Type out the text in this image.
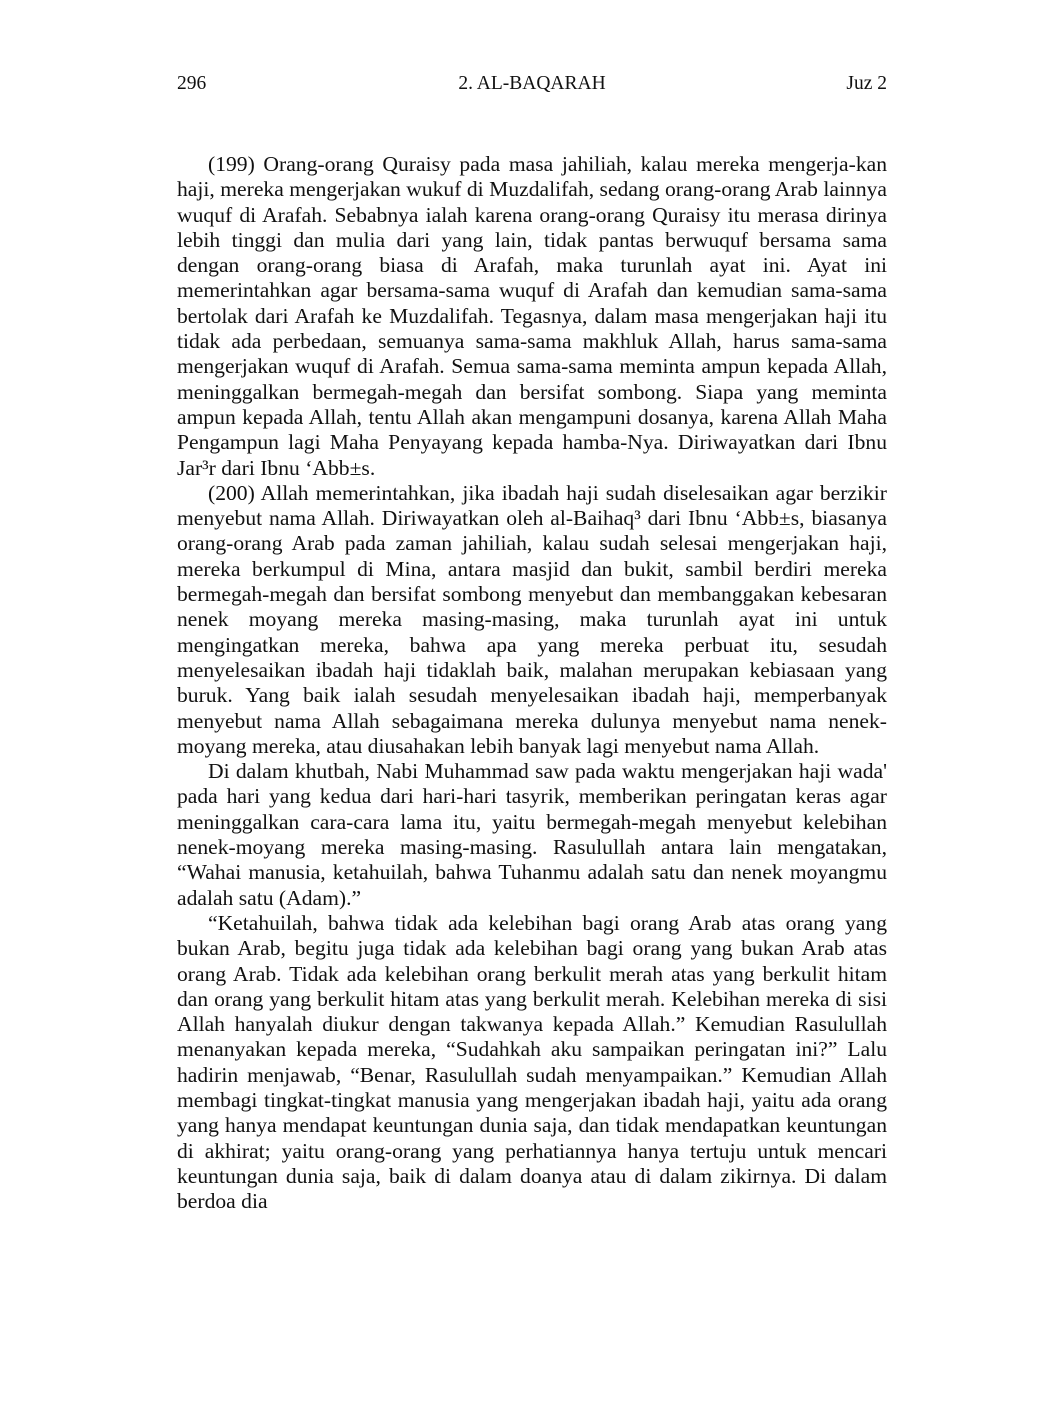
296	2. AL-BAQARAH	Juz 2

(199) Orang-orang Quraisy pada masa jahiliah, kalau mereka mengerja-kan haji, mereka mengerjakan wukuf di Muzdalifah, sedang orang-orang Arab lainnya wuquf di Arafah. Sebabnya ialah karena orang-orang Quraisy itu merasa dirinya lebih tinggi dan mulia dari yang lain, tidak pantas berwuquf bersama sama dengan orang-orang biasa di Arafah, maka turunlah ayat ini. Ayat ini memerintahkan agar bersama-sama wuquf di Arafah dan kemudian sama-sama bertolak dari Arafah ke Muzdalifah. Tegasnya, dalam masa mengerjakan haji itu tidak ada perbedaan, semuanya sama-sama makhluk Allah, harus sama-sama mengerjakan wuquf di Arafah. Semua sama-sama meminta ampun kepada Allah, meninggalkan bermegah-megah dan bersifat sombong. Siapa yang meminta ampun kepada Allah, tentu Allah akan mengampuni dosanya, karena Allah Maha Pengampun lagi Maha Penyayang kepada hamba-Nya. Diriwayatkan dari Ibnu Jar³r dari Ibnu ‘Abb±s.

(200) Allah memerintahkan, jika ibadah haji sudah diselesaikan agar berzikir menyebut nama Allah. Diriwayatkan oleh al-Baihaq³ dari Ibnu ‘Abb±s, biasanya orang-orang Arab pada zaman jahiliah, kalau sudah selesai mengerjakan haji, mereka berkumpul di Mina, antara masjid dan bukit, sambil berdiri mereka bermegah-megah dan bersifat sombong menyebut dan membanggakan kebesaran nenek moyang mereka masing-masing, maka turunlah ayat ini untuk mengingatkan mereka, bahwa apa yang mereka perbuat itu, sesudah menyelesaikan ibadah haji tidaklah baik, malahan merupakan kebiasaan yang buruk. Yang baik ialah sesudah menyelesaikan ibadah haji, memperbanyak menyebut nama Allah sebagaimana mereka dulunya menyebut nama nenek-moyang mereka, atau diusahakan lebih banyak lagi menyebut nama Allah.

Di dalam khutbah, Nabi Muhammad saw pada waktu mengerjakan haji wada' pada hari yang kedua dari hari-hari tasyrik, memberikan peringatan keras agar meninggalkan cara-cara lama itu, yaitu bermegah-megah menyebut kelebihan nenek-moyang mereka masing-masing. Rasulullah antara lain mengatakan, “Wahai manusia, ketahuilah, bahwa Tuhanmu adalah satu dan nenek moyangmu adalah satu (Adam).”

“Ketahuilah, bahwa tidak ada kelebihan bagi orang Arab atas orang yang bukan Arab, begitu juga tidak ada kelebihan bagi orang yang bukan Arab atas orang Arab. Tidak ada kelebihan orang berkulit merah atas yang berkulit hitam dan orang yang berkulit hitam atas yang berkulit merah. Kelebihan mereka di sisi Allah hanyalah diukur dengan takwanya kepada Allah.” Kemudian Rasulullah menanyakan kepada mereka, “Sudahkah aku sampaikan peringatan ini?” Lalu hadirin menjawab, “Benar, Rasulullah sudah menyampaikan.” Kemudian Allah membagi tingkat-tingkat manusia yang mengerjakan ibadah haji, yaitu ada orang yang hanya mendapat keuntungan dunia saja, dan tidak mendapatkan keuntungan di akhirat; yaitu orang-orang yang perhatiannya hanya tertuju untuk mencari keuntungan dunia saja, baik di dalam doanya atau di dalam zikirnya. Di dalam berdoa dia
